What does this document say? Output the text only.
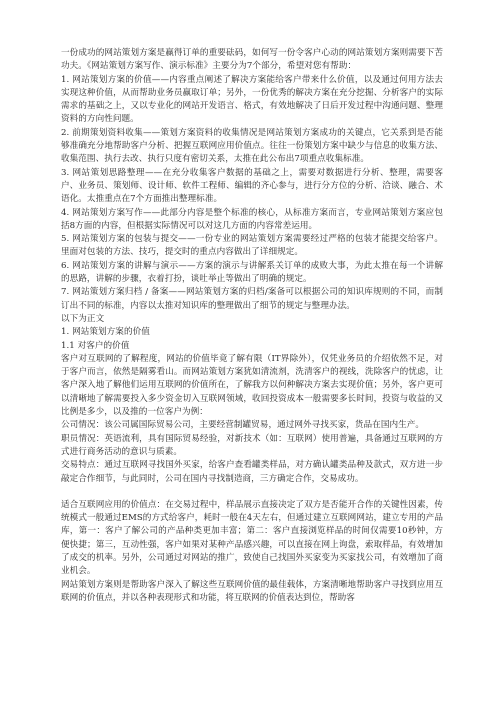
一份成功的网站策划方案是赢得订单的重要砝码，如何写一份令客户心动的网站策划方案则需要下苦功夫。《网站策划方案写作、演示标准》主要分为7个部分，希望对您有帮助：

1. 网站策划方案的价值——内容重点阐述了解决方案能给客户带来什么价值，以及通过何用方法去实现这种价值，从而帮助业务员赢取订单；另外，一份优秀的解决方案在充分挖掘、分析客户的实际需求的基础之上，又以专业化的网站开发语言、格式，有效地解决了日后开发过程中沟通问题、整理资料的方向性问题。

2. 前期策划资料收集——策划方案资料的收集情况是网站策划方案成功的关键点，它关系到是否能够准确充分地帮助客户分析、把握互联网应用价值点。往往一份策划方案中缺少与信息的收集方法、收集范围、执行去改、执行只度有密切关系，太推在此公布出7项重点收集标准。

3. 网站策划思路整理——在充分收集客户数据的基础之上，需要对数据进行分析、整理，需要客户、业务员、策划师、设计师、软件工程师、编辑的齐心参与，进行分方位的分析、洽谈、融合、术语化。太推重点在7个方面推出整理标准。

4. 网站策划方案写作——此部分内容是整个标准的核心，从标准方案而言，专业网站策划方案应包括8方面的内容，但根据实际情况可以对这几方面的内容常差运用。

5. 网站策划方案的包装与提交——一份专业的网站策划方案需要经过严格的包装才能提交给客户。里面对包装的方法、技巧，提交时的重点内容做出了详细规定。

6. 网站策划方案的讲解与演示——方案的演示与讲解系关订单的成败大事，为此太推在每一个讲解的思路，讲解的步骤，衣着打扮，谈吐举止等做出了明确的规定。

7. 网站策划方案归档 / 备案——网站策划方案的归档/案备可以根据公司的知识库规则的不同，而制订出不同的标准，内容以太推对知识库的整理做出了细节的规定与整理办法。

以下为正文

1. 网站策划方案的价值

1.1 对客户的价值

客户对互联网的了解程度，网站的价值毕竟了解有限（IT界除外），仅凭业务员的介绍依然不足，对于客户而言，依然是隔雾看山。而网站策划方案犹如清流剂，洗清客户的视线，洗除客户的忧虑，让客户深入地了解他们运用互联网的价值所在，了解我方以何种解决方案去实现价值；另外，客户更可以清晰地了解需要投入多少资金切入互联网领域，收回投资成本一般需要多长时间，投资与收益的又比例是多少，以及推的一位客户为例：

公司情况：该公司属国际贸易公司，主要经营制罐贸易，通过网外寻找买家，货品在国内生产。

职员情况：英语流利，具有国际贸易经验，对新技术（如：互联网）使用普遍，具备通过互联网的方式进行商务活动的意识与质素。

交易特点：通过互联网寻找国外买家，给客户查看罐类样品，对方确认罐类品种及款式，双方进一步敲定合作细节，与此同时，公司在国内寻找制造商，三方确定合作，交易成功。

适合互联网应用的价值点：在交易过程中，样品展示直接决定了双方是否能开合作的关键性因素，传统模式一般通过EMS的方式给客户，耗时一般在4天左右，但通过建立互联网网站，建立专用的产品库，第一：客户了解公司的产品种类更加丰富；第二：客户直接浏览样品的时间仅需要10秒钟，方便快捷；第三，互动性强，客户如果对某种产品感兴趣，可以直接在网上询盘，索取样品，有效增加了成交的机率。另外，公司通过对网站的推广，致使自己找国外买家变为买家找公司，有效增加了商业机会。

网站策划方案则是帮助客户深入了解这些互联网价值的最佳载体，方案清晰地帮助客户寻找到应用互联网的价值点，并以各种表现形式和功能，将互联网的价值表达到位，帮助客
